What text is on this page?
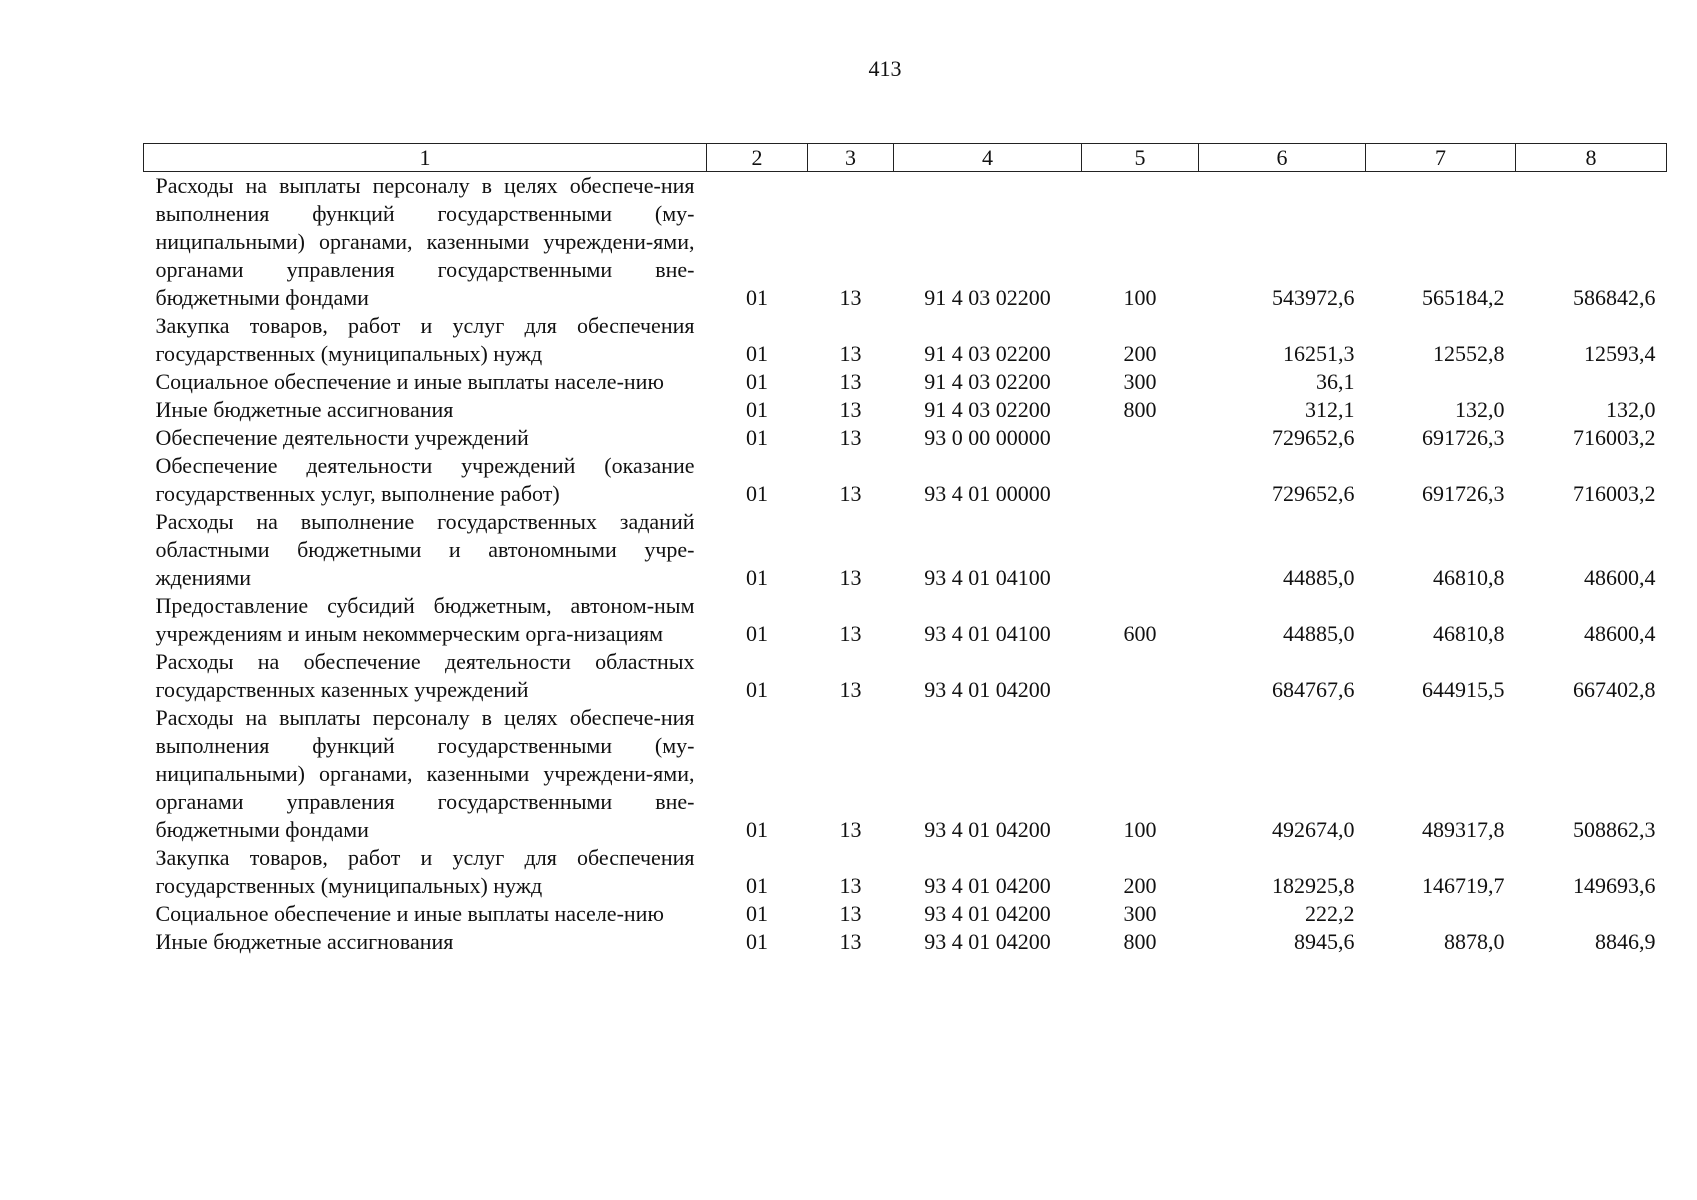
413
1	2	3	4	5	6	7	8
Расходы на выплаты персоналу в целях обеспече-ния выполнения функций государственными (му-ниципальными) органами, казенными учреждени-ями, органами управления государственными вне-бюджетными фондами	01	13	91 4 03 02200	100	543972,6	565184,2	586842,6
Закупка товаров, работ и услуг для обеспечения государственных (муниципальных) нужд	01	13	91 4 03 02200	200	16251,3	12552,8	12593,4
Социальное обеспечение и иные выплаты населе-нию	01	13	91 4 03 02200	300	36,1		
Иные бюджетные ассигнования	01	13	91 4 03 02200	800	312,1	132,0	132,0
Обеспечение деятельности учреждений	01	13	93 0 00 00000		729652,6	691726,3	716003,2
Обеспечение деятельности учреждений (оказание государственных услуг, выполнение работ)	01	13	93 4 01 00000		729652,6	691726,3	716003,2
Расходы на выполнение государственных заданий областными бюджетными и автономными учре-ждениями	01	13	93 4 01 04100		44885,0	46810,8	48600,4
Предоставление субсидий бюджетным, автоном-ным учреждениям и иным некоммерческим орга-низациям	01	13	93 4 01 04100	600	44885,0	46810,8	48600,4
Расходы на обеспечение деятельности областных государственных казенных учреждений	01	13	93 4 01 04200		684767,6	644915,5	667402,8
Расходы на выплаты персоналу в целях обеспече-ния выполнения функций государственными (му-ниципальными) органами, казенными учреждени-ями, органами управления государственными вне-бюджетными фондами	01	13	93 4 01 04200	100	492674,0	489317,8	508862,3
Закупка товаров, работ и услуг для обеспечения государственных (муниципальных) нужд	01	13	93 4 01 04200	200	182925,8	146719,7	149693,6
Социальное обеспечение и иные выплаты населе-нию	01	13	93 4 01 04200	300	222,2		
Иные бюджетные ассигнования	01	13	93 4 01 04200	800	8945,6	8878,0	8846,9
